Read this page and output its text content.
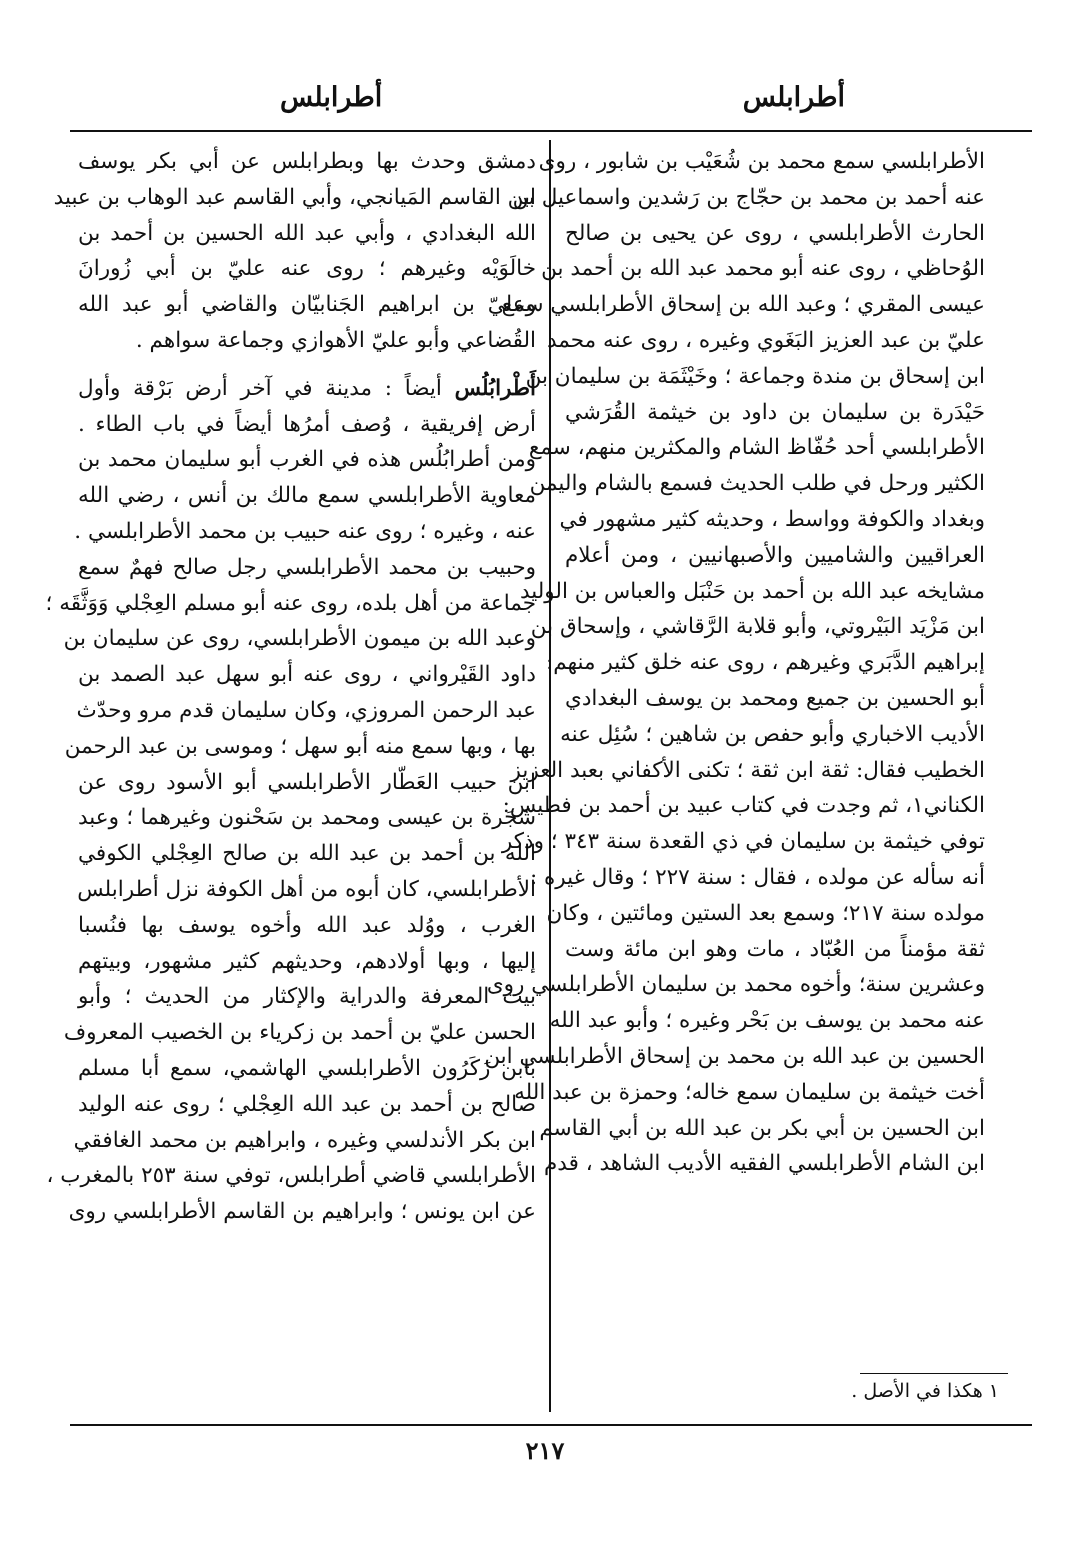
أطرابلس
أطرابلس
الأطرابلسي سمع محمد بن شُعَيْب بن شابور ، روى
عنه أحمد بن محمد بن حجّاج بن رَشدين واسماعيل بن
الحارث الأطرابلسي ، روى عن يحيى بن صالح
الوُحاظي ، روى عنه أبو محمد عبد الله بن أحمد بن
عيسى المقري ؛ وعبد الله بن إسحاق الأطرابلسي سمع
عليّ بن عبد العزيز البَغَوي وغيره ، روى عنه محمد
ابن إسحاق بن مندة وجماعة ؛ وخَيْثَمَة بن سليمان بن
حَيْدَرة بن سليمان بن داود بن خيثمة القُرَشي
الأطرابلسي أحد حُفّاظ الشام والمكثرين منهم، سمع
الكثير ورحل في طلب الحديث فسمع بالشام واليمن
وبغداد والكوفة وواسط ، وحديثه كثير مشهور في
العراقيين والشاميين والأصبهانيين ، ومن أعلام
مشايخه عبد الله بن أحمد بن حَنْبَل والعباس بن الوليد
ابن مَزْيَد البَيْروتي، وأبو قلابة الرَّقاشي ، وإسحاق بن
إبراهيم الدَّبَري وغيرهم ، روى عنه خلق كثير منهم:
أبو الحسين بن جميع ومحمد بن يوسف البغدادي
الأديب الاخباري وأبو حفص بن شاهين ؛ سُئِل عنه
الخطيب فقال: ثقة ابن ثقة ؛ تكنى الأكفاني بعبد العزيز
الكناني١، ثم وجدت في كتاب عبيد بن أحمد بن فطيس:
توفي خيثمة بن سليمان في ذي القعدة سنة ٣٤٣ ؛ وذكر
أنه سأله عن مولده ، فقال : سنة ٢٢٧ ؛ وقال غيره :
مولده سنة ٢١٧؛ وسمع بعد الستين ومائتين ، وكان
ثقة مؤمناً من العُبّاد ، مات وهو ابن مائة وست
وعشرين سنة؛ وأخوه محمد بن سليمان الأطرابلسي روى
عنه محمد بن يوسف بن بَحْر وغيره ؛ وأبو عبد الله
الحسين بن عبد الله بن محمد بن إسحاق الأطرابلسي ابن
أخت خيثمة بن سليمان سمع خاله؛ وحمزة بن عبد الله
ابن الحسين بن أبي بكر بن عبد الله بن أبي القاسم
ابن الشام الأطرابلسي الفقيه الأديب الشاهد ، قدم
١ هكذا في الأصل .
دمشق وحدث بها وبطرابلس عن أبي بكر يوسف
ابن القاسم المَيانجي، وأبي القاسم عبد الوهاب بن عبيد
الله البغدادي ، وأبي عبد الله الحسين بن أحمد بن
خالَوَيْه وغيرهم ؛ روى عنه عليّ بن أبي زُورانَ
وعليّ بن ابراهيم الجَنابيّان والقاضي أبو عبد الله
القُضاعي وأبو عليّ الأهوازي وجماعة سواهم .
أَطْرابُلُس أيضاً : مدينة في آخر أرض بَرْقة وأول
أرض إفريقية ، وُصف أمرُها أيضاً في باب الطاء .
ومن أطرابُلُس هذه في الغرب أبو سليمان محمد بن
معاوية الأطرابلسي سمع مالك بن أنس ، رضي الله
عنه ، وغيره ؛ روى عنه حبيب بن محمد الأطرابلسي .
وحبيب بن محمد الأطرابلسي رجل صالح فهمٌ سمع
جماعة من أهل بلده، روى عنه أبو مسلم العِجْلي وَوَثَّقَه ؛
وعبد الله بن ميمون الأطرابلسي، روى عن سليمان بن
داود القَيْرواني ، روى عنه أبو سهل عبد الصمد بن
عبد الرحمن المروزي، وكان سليمان قدم مرو وحدّث
بها ، وبها سمع منه أبو سهل ؛ وموسى بن عبد الرحمن
ابن حبيب العَطّار الأطرابلسي أبو الأسود روى عن
شَجَرة بن عيسى ومحمد بن سَحْنون وغيرهما ؛ وعبد
الله بن أحمد بن عبد الله بن صالح العِجْلي الكوفي
الأطرابلسي، كان أبوه من أهل الكوفة نزل أطرابلس
الغرب ، ووُلد عبد الله وأخوه يوسف بها فنُسبا
إليها ، وبها أولادهم، وحديثهم كثير مشهور، وبيتهم
بيت المعرفة والدراية والإكثار من الحديث ؛ وأبو
الحسن عليّ بن أحمد بن زكرياء بن الخصيب المعروف
بابن زَكَرُون الأطرابلسي الهاشمي، سمع أبا مسلم
صالح بن أحمد بن عبد الله العِجْلي ؛ روى عنه الوليد
ابن بكر الأندلسي وغيره ، وابراهيم بن محمد الغافقي
الأطرابلسي قاضي أطرابلس، توفي سنة ٢٥٣ بالمغرب ،
عن ابن يونس ؛ وابراهيم بن القاسم الأطرابلسي روى
٢١٧
